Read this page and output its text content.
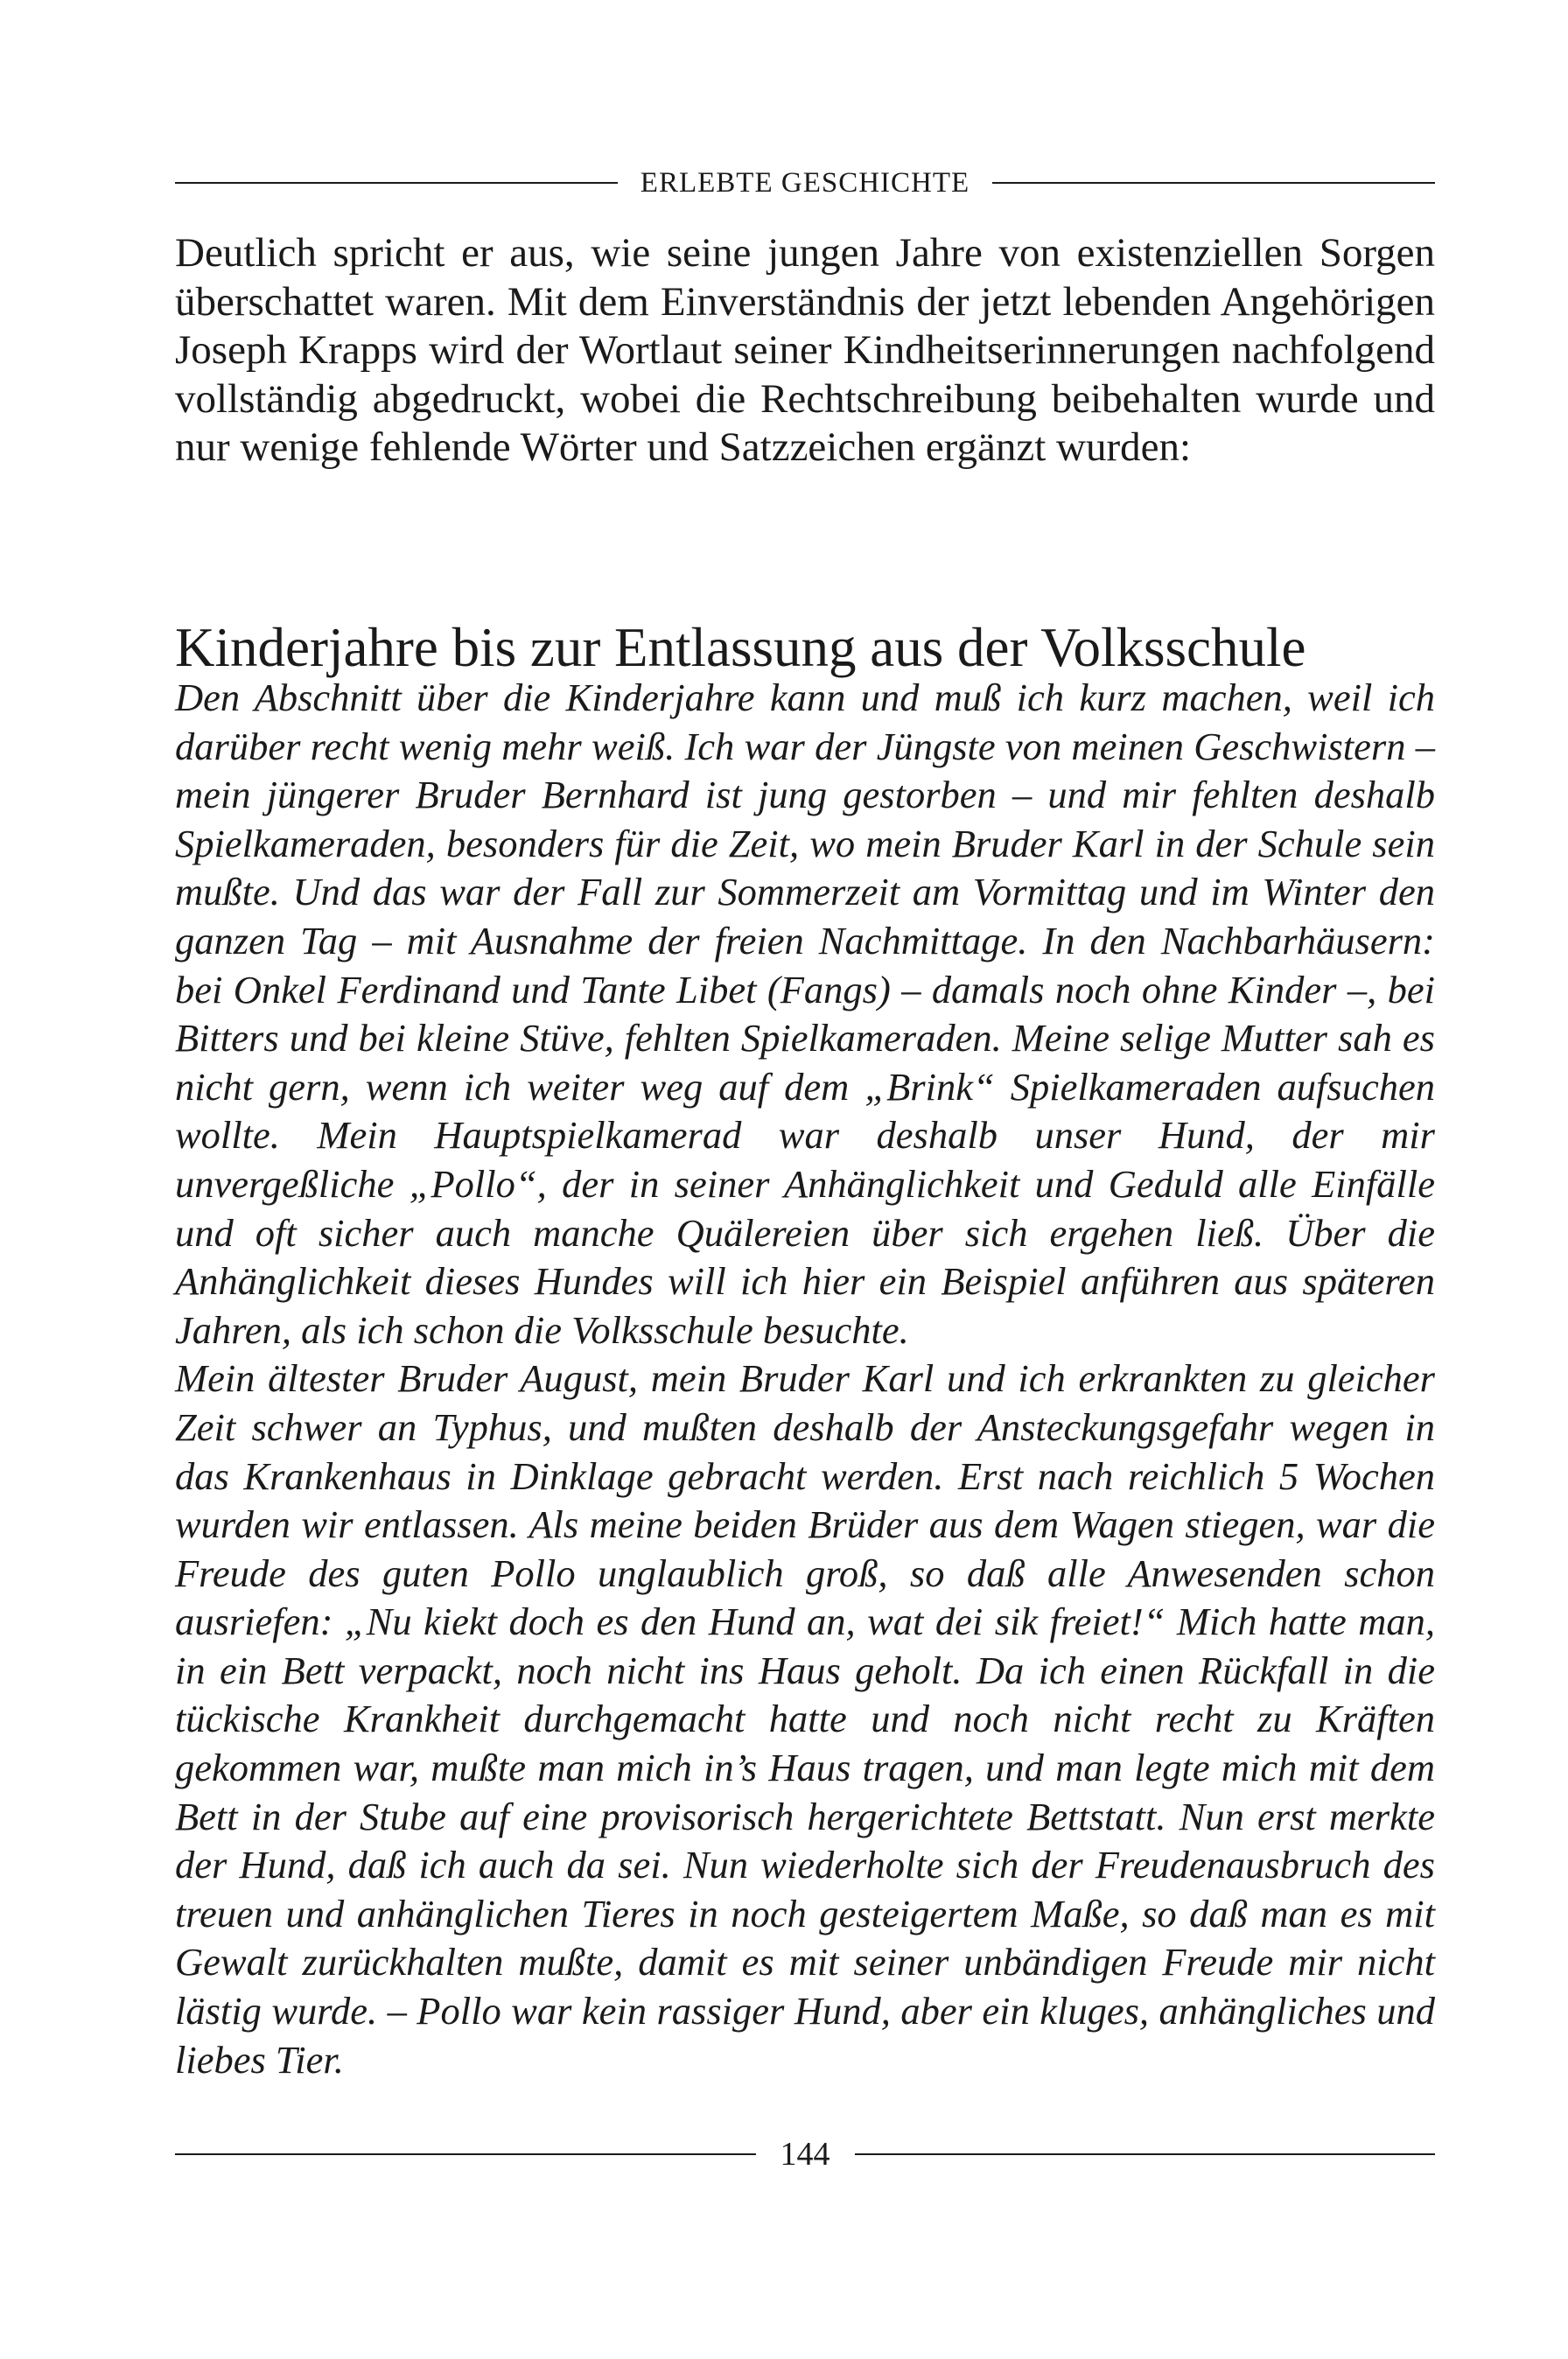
ERLEBTE GESCHICHTE

Deutlich spricht er aus, wie seine jungen Jahre von existenziellen Sorgen überschattet waren. Mit dem Einverständnis der jetzt lebenden Angehörigen Joseph Krapps wird der Wortlaut seiner Kindheitserinnerungen nachfolgend vollständig abgedruckt, wobei die Rechtschreibung beibehalten wurde und nur wenige fehlende Wörter und Satzzeichen ergänzt wurden:

Kinderjahre bis zur Entlassung aus der Volksschule

Den Abschnitt über die Kinderjahre kann und muß ich kurz machen, weil ich darüber recht wenig mehr weiß. Ich war der Jüngste von meinen Geschwistern – mein jüngerer Bruder Bernhard ist jung gestorben – und mir fehlten deshalb Spielkameraden, besonders für die Zeit, wo mein Bruder Karl in der Schule sein mußte. Und das war der Fall zur Sommerzeit am Vormittag und im Winter den ganzen Tag – mit Ausnahme der freien Nachmittage. In den Nachbarhäusern: bei Onkel Ferdinand und Tante Libet (Fangs) – damals noch ohne Kinder –, bei Bitters und bei kleine Stüve, fehlten Spielkameraden. Meine selige Mutter sah es nicht gern, wenn ich weiter weg auf dem „Brink“ Spielkameraden aufsuchen wollte. Mein Hauptspielkamerad war deshalb unser Hund, der mir unvergeßliche „Pollo“, der in seiner Anhänglichkeit und Geduld alle Einfälle und oft sicher auch manche Quälereien über sich ergehen ließ. Über die Anhänglichkeit dieses Hundes will ich hier ein Beispiel anführen aus späteren Jahren, als ich schon die Volksschule besuchte.

Mein ältester Bruder August, mein Bruder Karl und ich erkrankten zu gleicher Zeit schwer an Typhus, und mußten deshalb der Ansteckungsgefahr wegen in das Krankenhaus in Dinklage gebracht werden. Erst nach reichlich 5 Wochen wurden wir entlassen. Als meine beiden Brüder aus dem Wagen stiegen, war die Freude des guten Pollo unglaublich groß, so daß alle Anwesenden schon ausriefen: „Nu kiekt doch es den Hund an, wat dei sik freiet!“ Mich hatte man, in ein Bett verpackt, noch nicht ins Haus geholt. Da ich einen Rückfall in die tückische Krankheit durchgemacht hatte und noch nicht recht zu Kräften gekommen war, mußte man mich in’s Haus tragen, und man legte mich mit dem Bett in der Stube auf eine provisorisch hergerichtete Bettstatt. Nun erst merkte der Hund, daß ich auch da sei. Nun wiederholte sich der Freudenausbruch des treuen und anhänglichen Tieres in noch gesteigertem Maße, so daß man es mit Gewalt zurückhalten mußte, damit es mit seiner unbändigen Freude mir nicht lästig wurde. – Pollo war kein rassiger Hund, aber ein kluges, anhängliches und liebes Tier.

144
